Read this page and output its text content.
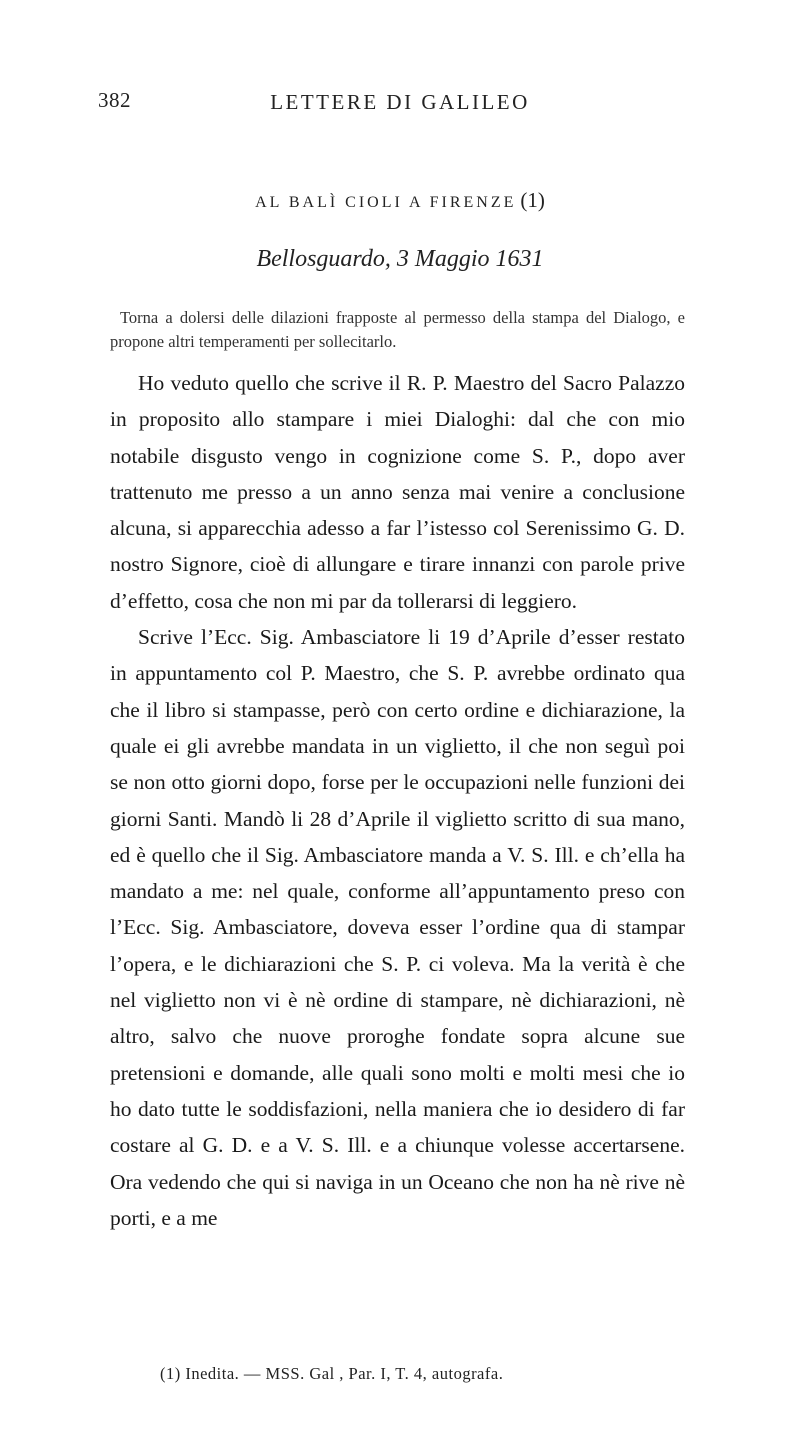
382	LETTERE DI GALILEO
AL BALÌ CIOLI A FIRENZE (1)
Bellosguardo, 3 Maggio 1631

Torna a dolersi delle dilazioni frapposte al permesso della stampa del Dialogo, e propone altri temperamenti per sollecitarlo.

Ho veduto quello che scrive il R. P. Maestro del Sacro Palazzo in proposito allo stampare i miei Dialoghi: dal che con mio notabile disgusto vengo in cognizione come S. P., dopo aver trattenuto me presso a un anno senza mai venire a conclusione alcuna, si apparecchia adesso a far l’istesso col Serenissimo G. D. nostro Signore, cioè di allungare e tirare innanzi con parole prive d’effetto, cosa che non mi par da tollerarsi di leggiero.

Scrive l’Ecc. Sig. Ambasciatore li 19 d’Aprile d’esser restato in appuntamento col P. Maestro, che S. P. avrebbe ordinato qua che il libro si stampasse, però con certo ordine e dichiarazione, la quale ei gli avrebbe mandata in un viglietto, il che non seguì poi se non otto giorni dopo, forse per le occupazioni nelle funzioni dei giorni Santi. Mandò li 28 d’Aprile il viglietto scritto di sua mano, ed è quello che il Sig. Ambasciatore manda a V. S. Ill. e ch’ella ha mandato a me: nel quale, conforme all’appuntamento preso con l’Ecc. Sig. Ambasciatore, doveva esser l’ordine qua di stampar l’opera, e le dichiarazioni che S. P. ci voleva. Ma la verità è che nel viglietto non vi è nè ordine di stampare, nè dichiarazioni, nè altro, salvo che nuove proroghe fondate sopra alcune sue pretensioni e domande, alle quali sono molti e molti mesi che io ho dato tutte le soddisfazioni, nella maniera che io desidero di far costare al G. D. e a V. S. Ill. e a chiunque volesse accertarsene. Ora vedendo che qui si naviga in un Oceano che non ha nè rive nè porti, e a me

(1) Inedita. — MSS. Gal , Par. I, T. 4, autografa.
